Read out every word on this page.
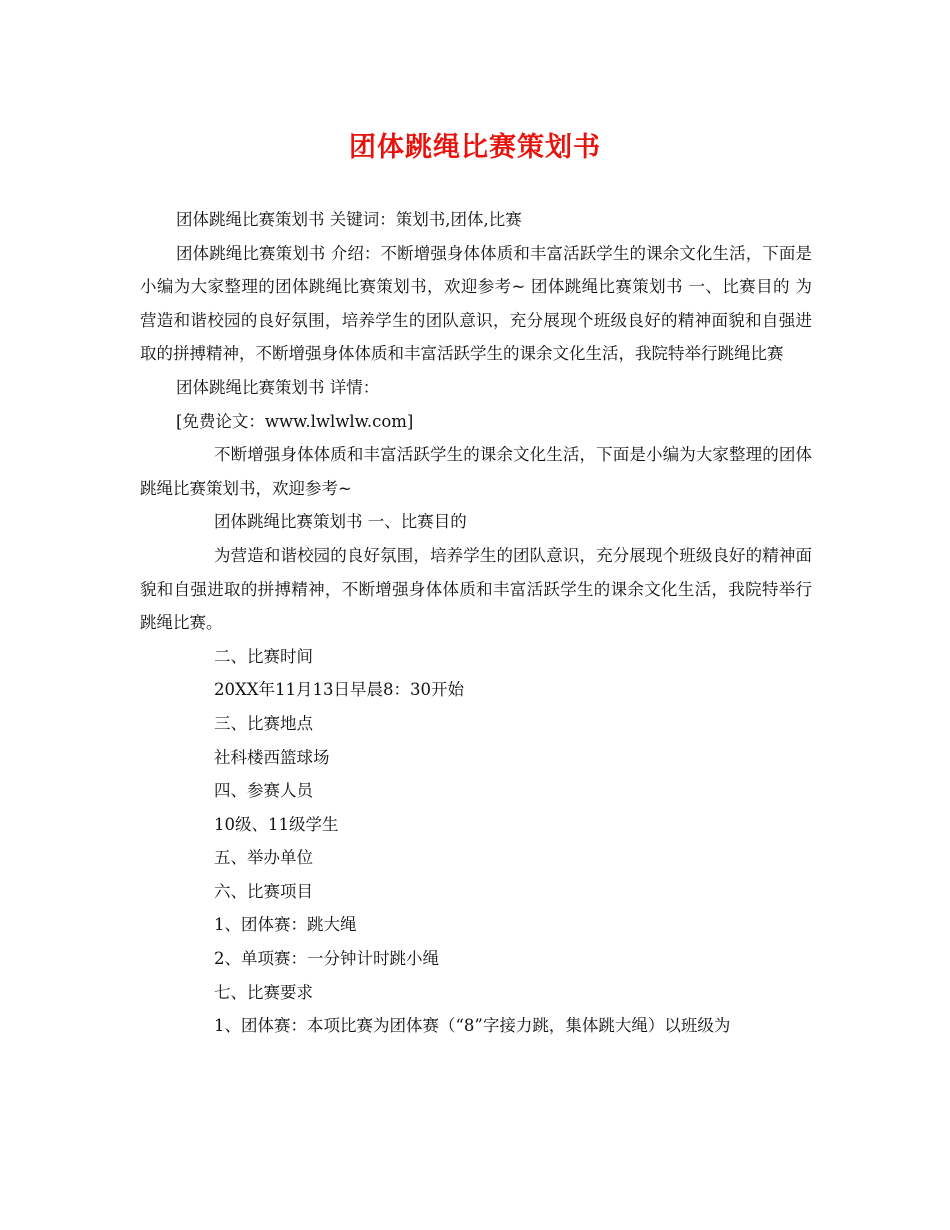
团体跳绳比赛策划书

团体跳绳比赛策划书 关键词：策划书,团体,比赛

团体跳绳比赛策划书 介绍：不断增强身体体质和丰富活跃学生的课余文化生活，下面是小编为大家整理的团体跳绳比赛策划书，欢迎参考~ 团体跳绳比赛策划书 一、比赛目的 为营造和谐校园的良好氛围，培养学生的团队意识，充分展现个班级良好的精神面貌和自强进取的拼搏精神，不断增强身体体质和丰富活跃学生的课余文化生活，我院特举行跳绳比赛

团体跳绳比赛策划书 详情：

[免费论文：www.lwlwlw.com]

不断增强身体体质和丰富活跃学生的课余文化生活，下面是小编为大家整理的团体跳绳比赛策划书，欢迎参考~

团体跳绳比赛策划书 一、比赛目的

为营造和谐校园的良好氛围，培养学生的团队意识，充分展现个班级良好的精神面貌和自强进取的拼搏精神，不断增强身体体质和丰富活跃学生的课余文化生活，我院特举行跳绳比赛。

二、比赛时间

20XX年11月13日早晨8：30开始

三、比赛地点

社科楼西篮球场

四、参赛人员

10级、11级学生

五、举办单位

六、比赛项目

1、团体赛：跳大绳

2、单项赛：一分钟计时跳小绳

七、比赛要求

1、团体赛：本项比赛为团体赛（“8”字接力跳，集体跳大绳）以班级为
